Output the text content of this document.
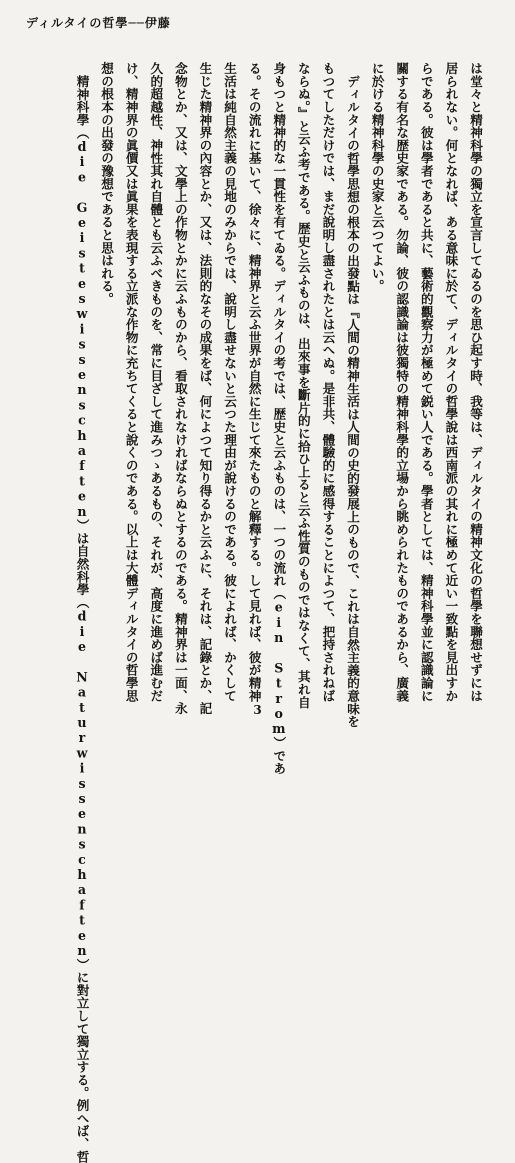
ディルタイの哲學──伊藤
は堂々と精神科學の獨立を宣言してゐるのを思ひ起す時、我等は、ディルタイの精神文化の哲學を聯想せずには
居られない。何となれば、ある意味に於て、ディルタイの哲學說は西南派の其れに極めて近い一致點を見出すか
らである。彼は學者であると共に、藝術的觀察力が極めて鋭い人である。學者としては、精神科學並に認識論に
關する有名な歴史家である。勿論、彼の認識論は彼獨特の精神科學的立場から眺められたものであるから、廣義
に於ける精神科學の史家と云つてよい。
ディルタイの哲學思想の根本の出發點は『人間の精神生活は人間の史的發展上のもので、これは自然主義的意味を
もつてしただけでは、まだ說明し盡されたとは云へぬ。是非共、體驗的に感得することによつて、把持されねば
ならぬ。』と云ふ考である。歴史と云ふものは、出來事を斷片的に拾ひ上ると云ふ性質のものではなくて、其れ自
身もつと精神的な一貫性を有てゐる。ディルタイの考では、歴史と云ふものは、一つの流れ（ein Strom）であ
る。その流れに基いて、徐々に、精神界と云ふ世界が自然に生じて來たものと解釋する。して見れば、彼が精神
生活は純自然主義の見地のみからでは、說明し盡せないと云つた理由が說けるのである。彼によれば、かくして
生じた精神界の內容とか、又は、法則的なその成果をば、何によつて知り得るかと云ふに、それは、記錄とか、記
念物とか、又は、文學上の作物とかに云ふものから、看取されなければならぬとするのである。精神界は一面、永
久的超越性、神性其れ自體とも云ふべきものを、常に目ざして進みつゝあるもの、それが、高度に進めば進むだ
け、精神界の眞價又は眞果を表現する立派な作物に充ちてくると說くのである。以上は大體ディルタイの哲學思
想の根本の出發の豫想であると思はれる。
精神科學（die Geisteswissenschaften）は自然科學（die Naturwissenschaften）に對立して獨立する。例へば、哲	3
